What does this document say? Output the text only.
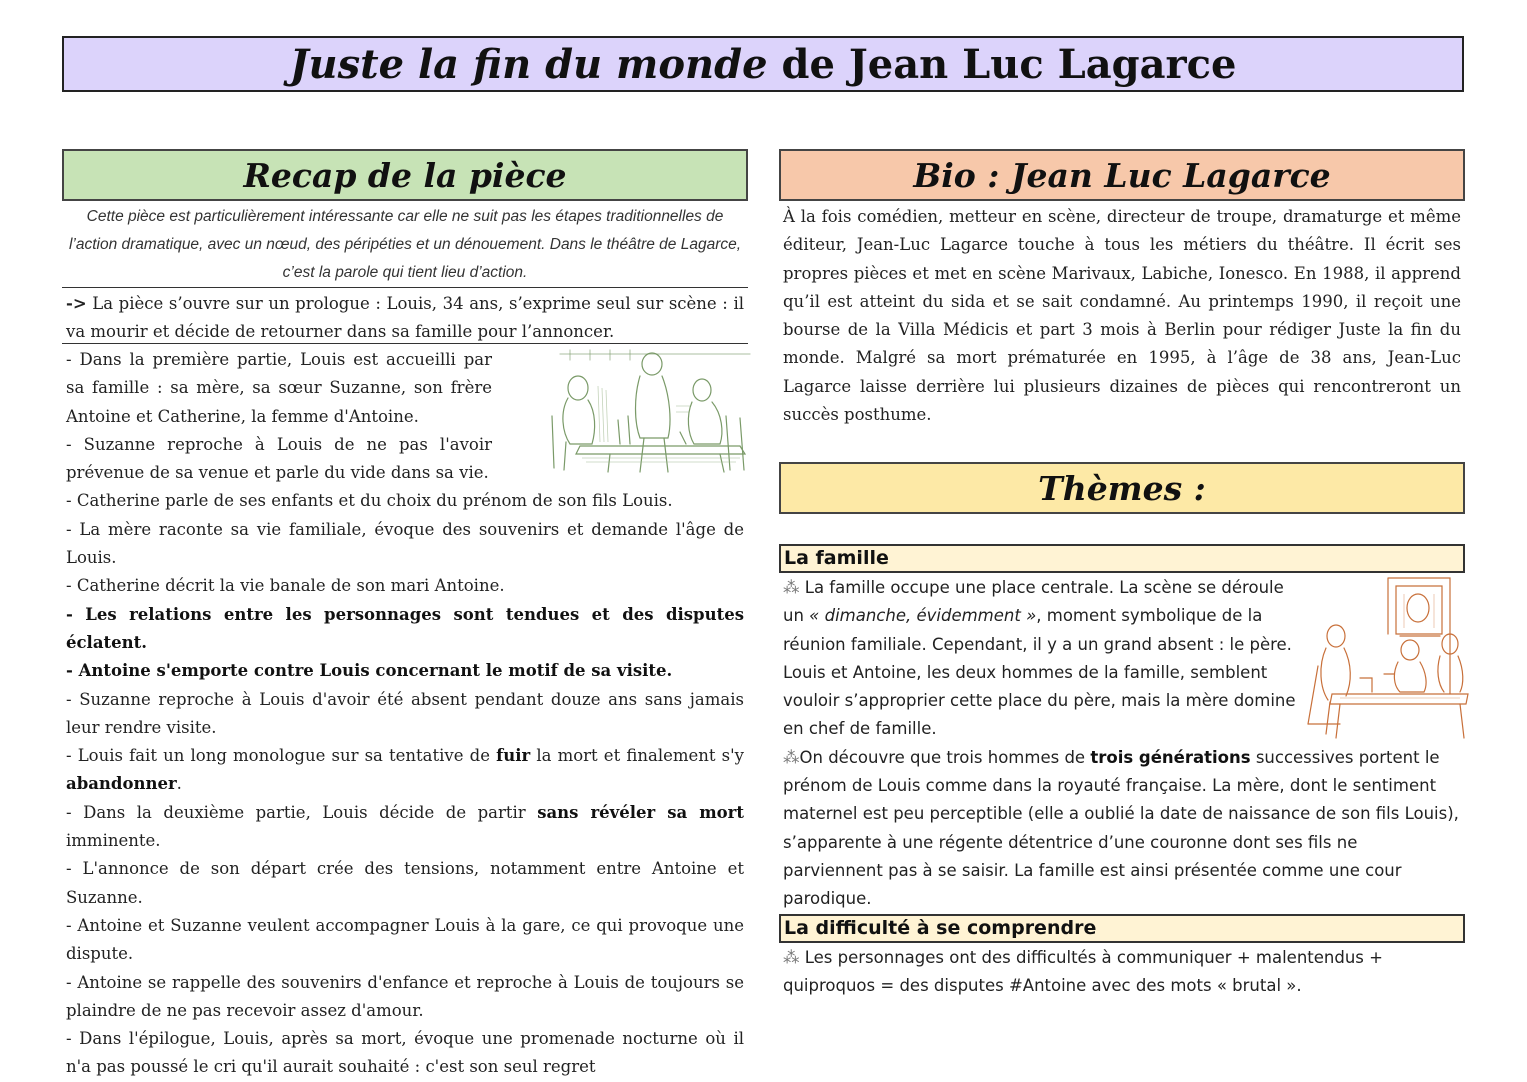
Juste la fin du monde de Jean Luc Lagarce
Recap de la pièce
Cette pièce est particulièrement intéressante car elle ne suit pas les étapes traditionnelles de l’action dramatique, avec un nœud, des péripéties et un dénouement. Dans le théâtre de Lagarce, c’est la parole qui tient lieu d’action.
-> La pièce s’ouvre sur un prologue : Louis, 34 ans, s’exprime seul sur scène : il va mourir et décide de retourner dans sa famille pour l’annoncer.

- Dans la première partie, Louis est accueilli par sa famille : sa mère, sa sœur Suzanne, son frère Antoine et Catherine, la femme d'Antoine.

- Suzanne reproche à Louis de ne pas l'avoir prévenue de sa venue et parle du vide dans sa vie.

- Catherine parle de ses enfants et du choix du prénom de son fils Louis.

- La mère raconte sa vie familiale, évoque des souvenirs et demande l'âge de Louis.

- Catherine décrit la vie banale de son mari Antoine.

- Les relations entre les personnages sont tendues et des disputes éclatent.

- Antoine s'emporte contre Louis concernant le motif de sa visite.

- Suzanne reproche à Louis d'avoir été absent pendant douze ans sans jamais leur rendre visite.

- Louis fait un long monologue sur sa tentative de fuir la mort et finalement s'y abandonner.

- Dans la deuxième partie, Louis décide de partir sans révéler sa mort imminente.

- L'annonce de son départ crée des tensions, notamment entre Antoine et Suzanne.

- Antoine et Suzanne veulent accompagner Louis à la gare, ce qui provoque une dispute.

- Antoine se rappelle des souvenirs d'enfance et reproche à Louis de toujours se plaindre de ne pas recevoir assez d'amour.

- Dans l'épilogue, Louis, après sa mort, évoque une promenade nocturne où il n'a pas poussé le cri qu'il aurait souhaité : c'est son seul regret

Bio : Jean Luc Lagarce
À la fois comédien, metteur en scène, directeur de troupe, dramaturge et même éditeur, Jean-Luc Lagarce touche à tous les métiers du théâtre. Il écrit ses propres pièces et met en scène Marivaux, Labiche, Ionesco. En 1988, il apprend qu’il est atteint du sida et se sait condamné. Au printemps 1990, il reçoit une bourse de la Villa Médicis et part 3 mois à Berlin pour rédiger Juste la fin du monde. Malgré sa mort prématurée en 1995, à l’âge de 38 ans, Jean-Luc Lagarce laisse derrière lui plusieurs dizaines de pièces qui rencontreront un succès posthume.
Thèmes :
La famille

⁂ La famille occupe une place centrale. La scène se déroule un « dimanche, évidemment », moment symbolique de la réunion familiale. Cependant, il y a un grand absent : le père. Louis et Antoine, les deux hommes de la famille, semblent vouloir s’approprier cette place du père, mais la mère domine en chef de famille.

⁂On découvre que trois hommes de trois générations successives portent le prénom de Louis comme dans la royauté française. La mère, dont le sentiment maternel est peu perceptible (elle a oublié la date de naissance de son fils Louis), s’apparente à une régente détentrice d’une couronne dont ses fils ne parviennent pas à se saisir. La famille est ainsi présentée comme une cour parodique.

La difficulté à se comprendre

⁂ Les personnages ont des difficultés à communiquer + malentendus + quiproquos = des disputes #Antoine avec des mots « brutal ».
